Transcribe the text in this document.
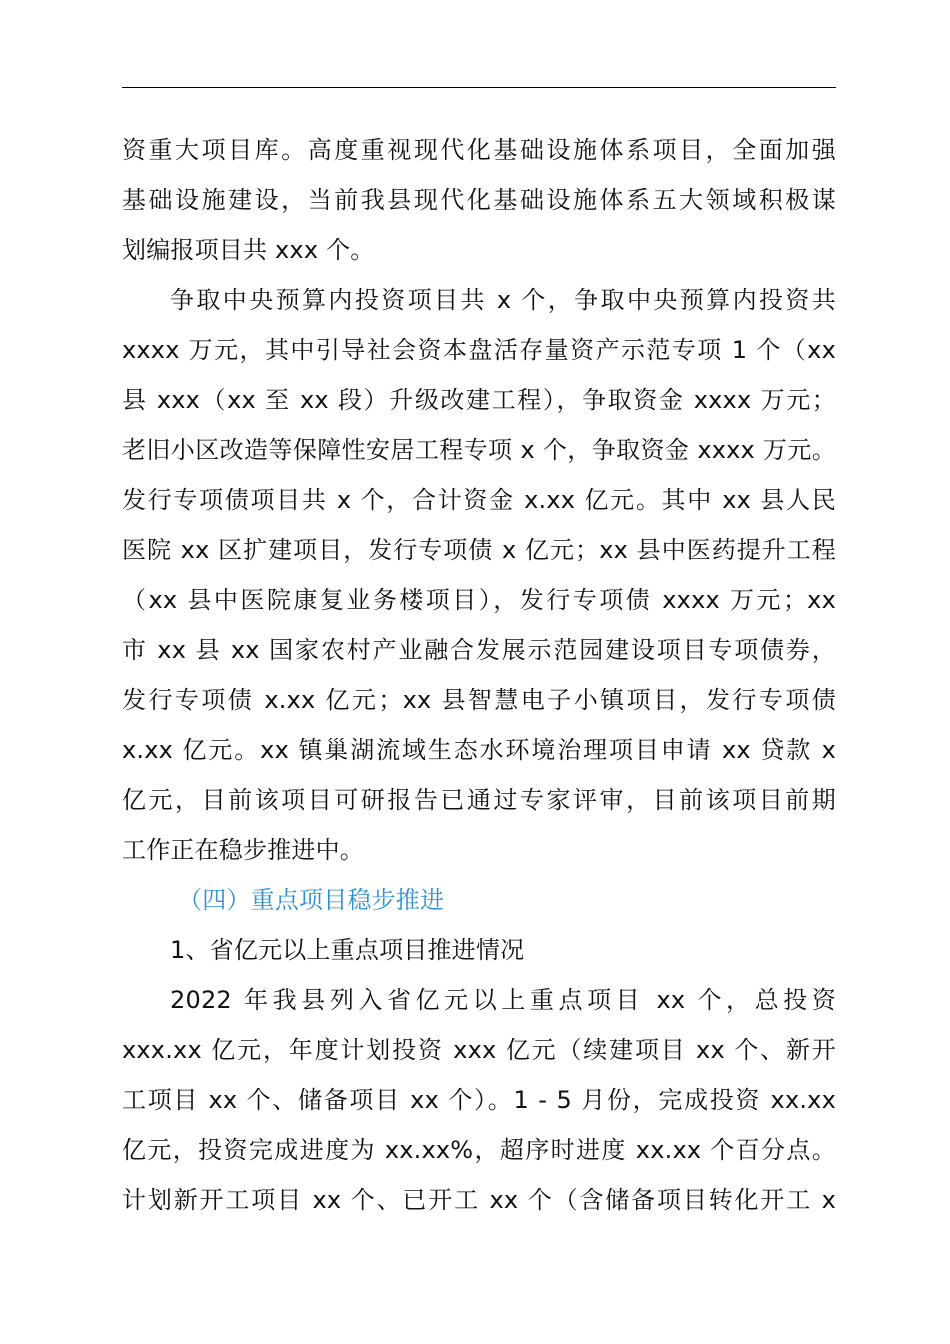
资重大项目库。高度重视现代化基础设施体系项目，全面加强
基础设施建设，当前我县现代化基础设施体系五大领域积极谋
划编报项目共 xxx 个。
争取中央预算内投资项目共 x 个，争取中央预算内投资共
xxxx 万元，其中引导社会资本盘活存量资产示范专项 1 个（xx
县 xxx（xx 至 xx 段）升级改建工程），争取资金 xxxx 万元；
老旧小区改造等保障性安居工程专项 x 个，争取资金 xxxx 万元。
发行专项债项目共 x 个，合计资金 x.xx 亿元。其中 xx 县人民
医院 xx 区扩建项目，发行专项债 x 亿元；xx 县中医药提升工程
（xx 县中医院康复业务楼项目），发行专项债 xxxx 万元；xx
市 xx 县 xx 国家农村产业融合发展示范园建设项目专项债券，
发行专项债 x.xx 亿元；xx 县智慧电子小镇项目，发行专项债
x.xx 亿元。xx 镇巢湖流域生态水环境治理项目申请 xx 贷款 x
亿元，目前该项目可研报告已通过专家评审，目前该项目前期
工作正在稳步推进中。
（四）重点项目稳步推进
1、省亿元以上重点项目推进情况
2022 年我县列入省亿元以上重点项目 xx 个，总投资
xxx.xx 亿元，年度计划投资 xxx 亿元（续建项目 xx 个、新开
工项目 xx 个、储备项目 xx 个）。1 - 5 月份，完成投资 xx.xx
亿元，投资完成进度为 xx.xx%，超序时进度 xx.xx 个百分点。
计划新开工项目 xx 个、已开工 xx 个（含储备项目转化开工 x
